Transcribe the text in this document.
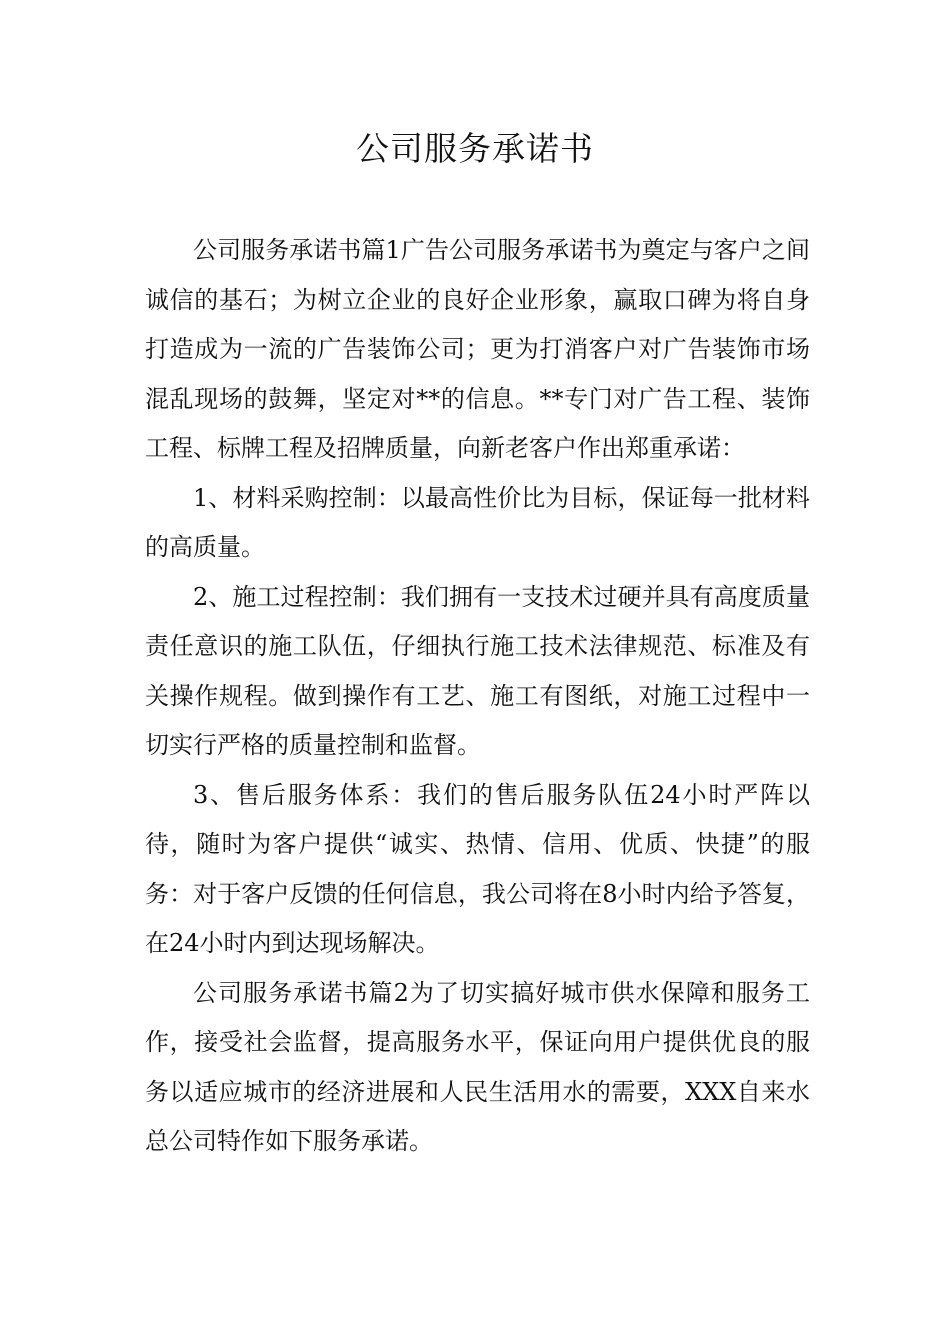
公司服务承诺书

公司服务承诺书篇1广告公司服务承诺书为奠定与客户之间诚信的基石；为树立企业的良好企业形象，赢取口碑为将自身打造成为一流的广告装饰公司；更为打消客户对广告装饰市场混乱现场的鼓舞，坚定对**的信息。**专门对广告工程、装饰工程、标牌工程及招牌质量，向新老客户作出郑重承诺：

1、材料采购控制：以最高性价比为目标，保证每一批材料的高质量。

2、施工过程控制：我们拥有一支技术过硬并具有高度质量责任意识的施工队伍，仔细执行施工技术法律规范、标准及有关操作规程。做到操作有工艺、施工有图纸，对施工过程中一切实行严格的质量控制和监督。

3、售后服务体系：我们的售后服务队伍24小时严阵以待，随时为客户提供“诚实、热情、信用、优质、快捷”的服务：对于客户反馈的任何信息，我公司将在8小时内给予答复，在24小时内到达现场解决。

公司服务承诺书篇2为了切实搞好城市供水保障和服务工作，接受社会监督，提高服务水平，保证向用户提供优良的服务以适应城市的经济进展和人民生活用水的需要，XXX自来水总公司特作如下服务承诺。
